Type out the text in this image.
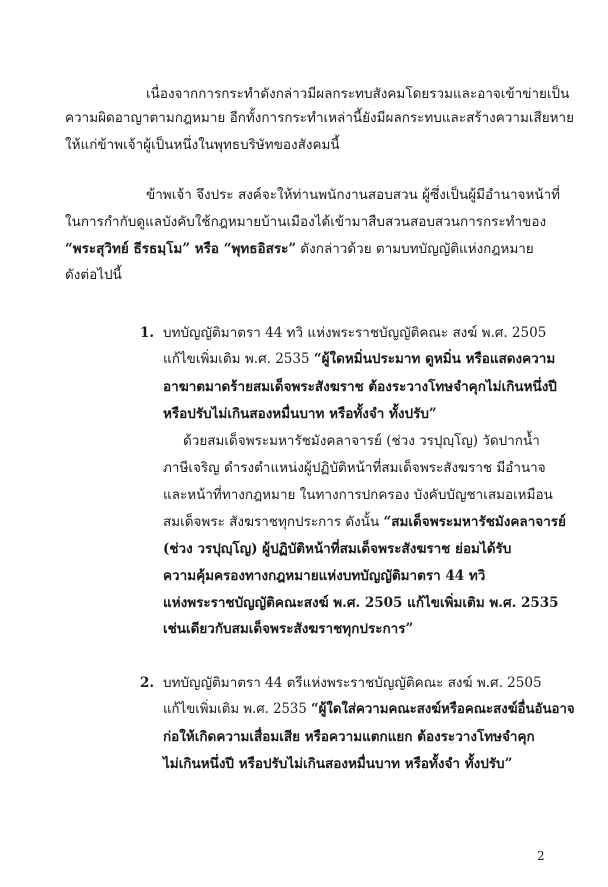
เนื่องจากการกระทำดังกล่าวมีผลกระทบสังคมโดยรวมและอาจเข้าข่ายเป็น
ความผิดอาญาตามกฎหมาย อีกทั้งการกระทำเหล่านี้ยังมีผลกระทบและสร้างความเสียหาย
ให้แก่ข้าพเจ้าผู้เป็นหนึ่งในพุทธบริษัทของสังคมนี้
ข้าพเจ้า จึงประ สงค์จะให้ท่านพนักงานสอบสวน ผู้ซึ่งเป็นผู้มีอำนาจหน้าที่
ในการกำกับดูแลบังคับใช้กฎหมายบ้านเมืองได้เข้ามาสืบสวนสอบสวนการกระทำของ
“พระสุวิทย์ ธีรธมฺโม” หรือ “พุทธอิสระ” ดังกล่าวด้วย ตามบทบัญญัติแห่งกฎหมาย
ดังต่อไปนี้
1. บทบัญญัติมาตรา 44 ทวิ แห่งพระราชบัญญัติคณะ สงฆ์ พ.ศ. 2505
แก้ไขเพิ่มเติม พ.ศ. 2535 “ผู้ใดหมิ่นประมาท ดูหมิ่น หรือแสดงความ
อาฆาตมาดร้ายสมเด็จพระสังฆราช ต้องระวางโทษจำคุกไม่เกินหนึ่งปี
หรือปรับไม่เกินสองหมื่นบาท หรือทั้งจำ ทั้งปรับ”
ด้วยสมเด็จพระมหารัชมังคลาจารย์ (ช่วง วรปุญฺโญ) วัดปากน้ำ
ภาษีเจริญ ดำรงตำแหน่งผู้ปฏิบัติหน้าที่สมเด็จพระสังฆราช มีอำนาจ
และหน้าที่ทางกฎหมาย ในทางการปกครอง บังคับบัญชาเสมอเหมือน
สมเด็จพระ สังฆราชทุกประการ ดังนั้น “สมเด็จพระมหารัชมังคลาจารย์
(ช่วง วรปุญฺโญ) ผู้ปฏิบัติหน้าที่สมเด็จพระสังฆราช ย่อมได้รับ
ความคุ้มครองทางกฎหมายแห่งบทบัญญัติมาตรา 44 ทวิ
แห่งพระราชบัญญัติคณะสงฆ์ พ.ศ. 2505 แก้ไขเพิ่มเติม พ.ศ. 2535
เช่นเดียวกับสมเด็จพระสังฆราชทุกประการ”
2. บทบัญญัติมาตรา 44 ตรีแห่งพระราชบัญญัติคณะ สงฆ์ พ.ศ. 2505
แก้ไขเพิ่มเติม พ.ศ. 2535 “ผู้ใดใส่ความคณะสงฆ์หรือคณะสงฆ์อื่นอันอาจ
ก่อให้เกิดความเสื่อมเสีย หรือความแตกแยก ต้องระวางโทษจำคุก
ไม่เกินหนึ่งปี หรือปรับไม่เกินสองหมื่นบาท หรือทั้งจำ ทั้งปรับ”
2
